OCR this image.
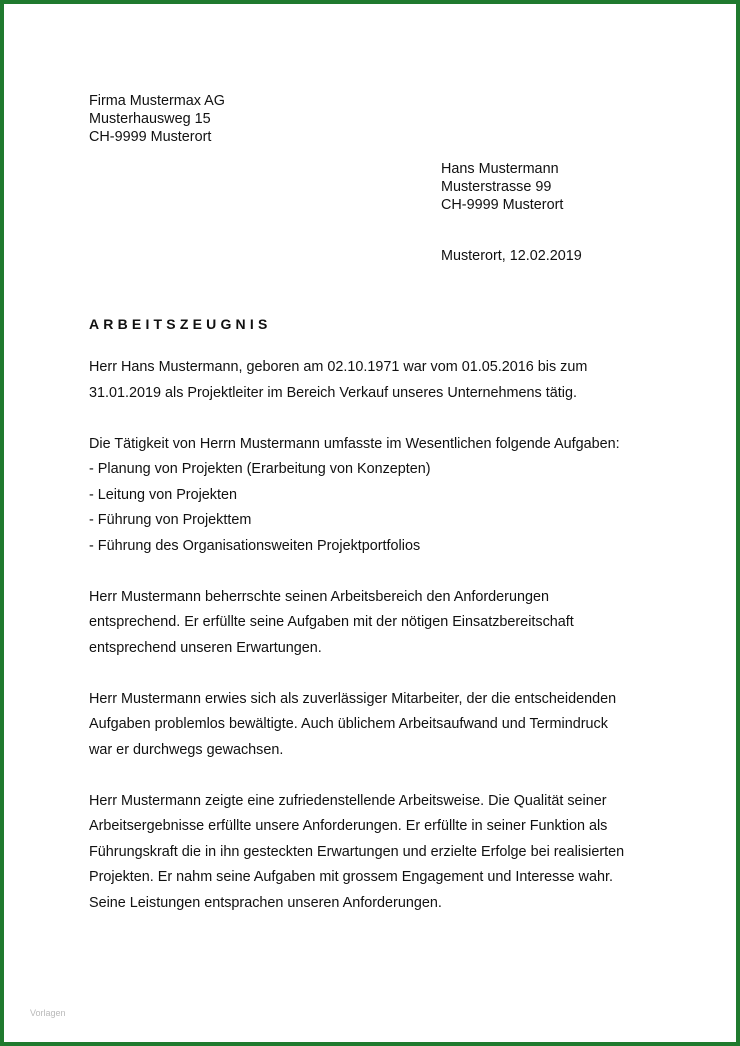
Firma Mustermax AG
Musterhausweg 15
CH-9999 Musterort
Hans Mustermann
Musterstrasse 99
CH-9999 Musterort
Musterort, 12.02.2019
ARBEITSZEUGNIS

Herr Hans Mustermann, geboren am 02.10.1971 war vom 01.05.2016 bis zum
31.01.2019 als Projektleiter im Bereich Verkauf unseres Unternehmens tätig.

Die Tätigkeit von Herrn Mustermann umfasste im Wesentlichen folgende Aufgaben:
- Planung von Projekten (Erarbeitung von Konzepten)
- Leitung von Projekten
- Führung von Projekttem
- Führung des Organisationsweiten Projektportfolios

Herr Mustermann beherrschte seinen Arbeitsbereich den Anforderungen
entsprechend. Er erfüllte seine Aufgaben mit der nötigen Einsatzbereitschaft
entsprechend unseren Erwartungen.

Herr Mustermann erwies sich als zuverlässiger Mitarbeiter, der die entscheidenden
Aufgaben problemlos bewältigte. Auch üblichem Arbeitsaufwand und Termindruck
war er durchwegs gewachsen.

Herr Mustermann zeigte eine zufriedenstellende Arbeitsweise. Die Qualität seiner
Arbeitsergebnisse erfüllte unsere Anforderungen. Er erfüllte in seiner Funktion als
Führungskraft die in ihn gesteckten Erwartungen und erzielte Erfolge bei realisierten
Projekten. Er nahm seine Aufgaben mit grossem Engagement und Interesse wahr.
Seine Leistungen entsprachen unseren Anforderungen.

Vorlagen
